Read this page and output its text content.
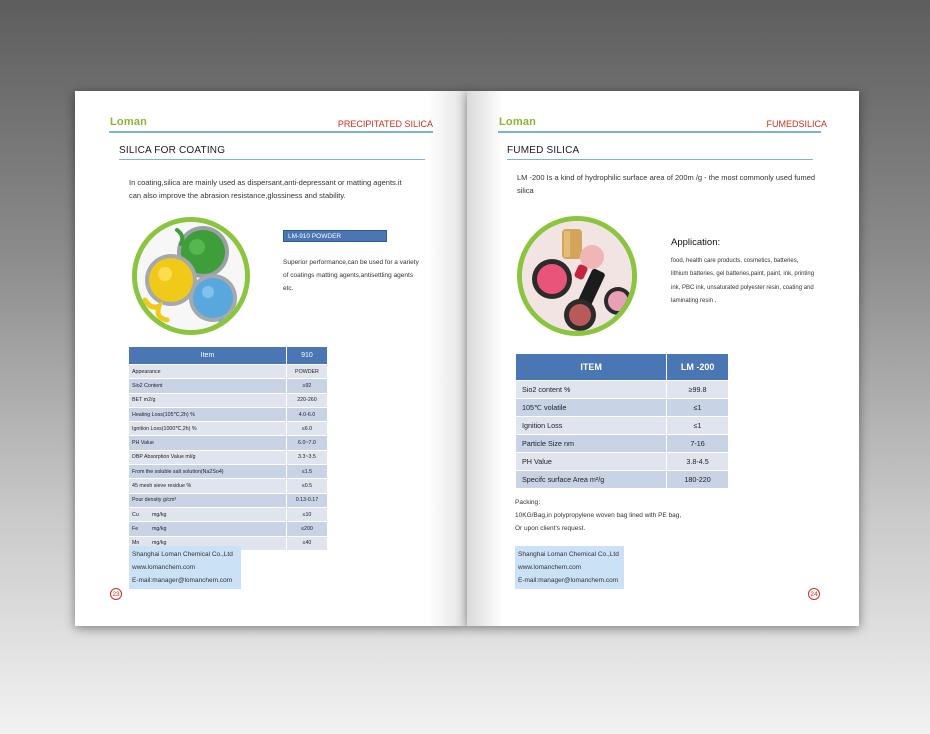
Loman	PRECIPITATED SILICA
SILICA FOR COATING
In coating,silica are mainly used as dispersant,anti-depressant or matting agents.it can also improve the abrasion resistance,glossiness and stability.
LM-910 POWDER
Superior performance,can be used for a variety of coatings matting agents,antisettling agents etc.
Item	910
Appearance	POWDER
Sio2 Content	≥92
BET m2/g	220-260
Heating Loss(105℃,2h) %	4.0-6.0
Ignition Loss(1000℃,2h) %	≤6.0
PH Value	6.0~7.0
DBP Absorption Value ml/g	3.3~3.5
From the soluble salt solution(Na2So4)	≤1.5
45 mesh sieve residue %	≤0.5
Pour density g/cm³	0.13-0.17
Cu mg/kg	≤10
Fe mg/kg	≤200
Mn mg/kg	≤40
Shanghai Loman Chemical Co.,Ltd
www.lomanchem.com
E-mail:manager@lomanchem.com
23
Loman	FUMEDSILICA
FUMED SILICA
LM -200 Is a kind of hydrophilic surface area of 200m /g - the most commonly used fumed silica
Application:
food, health care products, cosmetics, batteries, lithium batteries, gel batteries,paint, paint, ink, printing ink, PBC ink, unsaturated polyester resin, coating and laminating resin ,
ITEM	LM -200
Sio2 content %	≥99.8
105℃ volatile	≤1
Ignition Loss	≤1
Particle Size nm	7-16
PH Value	3.8-4.5
Specifc surface Area m²/g	180-220
Packing：
10KG/Bag,in polypropylene woven bag lined with PE bag,
Or upon client's request.
Shanghai Loman Chemical Co.,Ltd
www.lomanchem.com
E-mail:manager@lomanchem.com
24
